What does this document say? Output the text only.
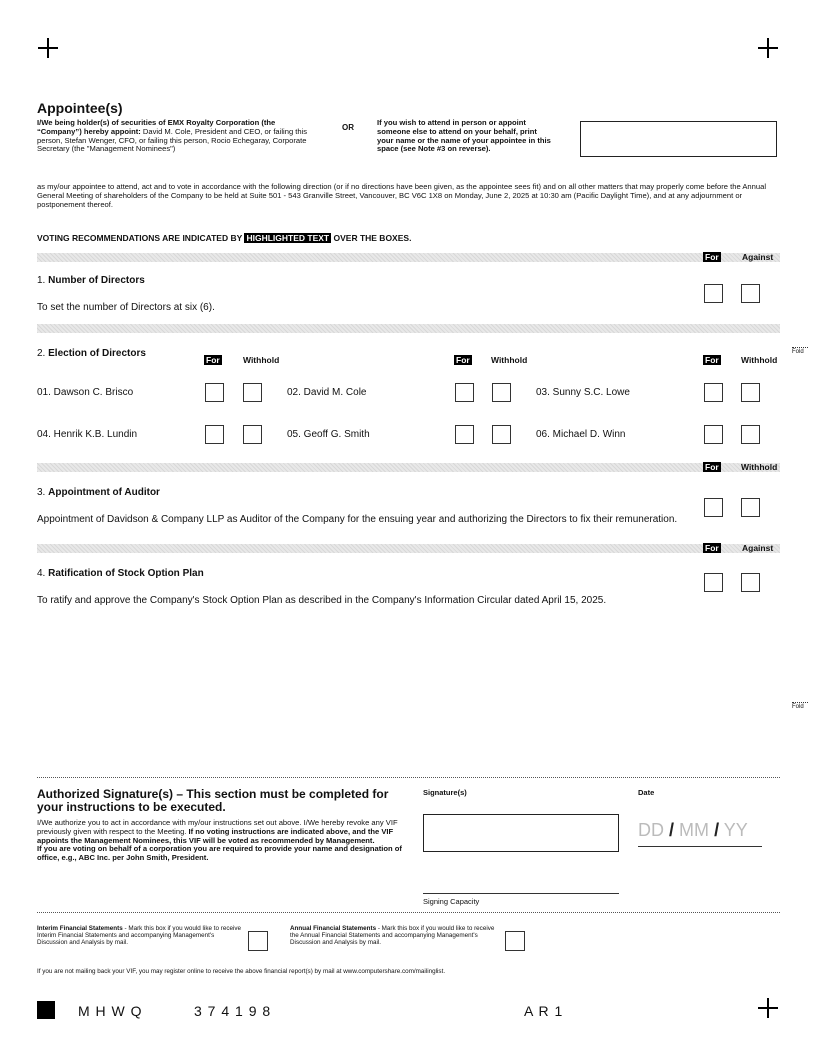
Appointee(s)
I/We being holder(s) of securities of EMX Royalty Corporation (the “Company”) hereby appoint: David M. Cole, President and CEO, or failing this person, Stefan Wenger, CFO, or failing this person, Rocio Echegaray, Corporate Secretary (the "Management Nominees")
OR
If you wish to attend in person or appoint someone else to attend on your behalf, print your name or the name of your appointee in this space (see Note #3 on reverse).
as my/our appointee to attend, act and to vote in accordance with the following direction (or if no directions have been given, as the appointee sees fit) and on all other matters that may properly come before the Annual General Meeting of shareholders of the Company to be held at Suite 501 - 543 Granville Street, Vancouver, BC V6C 1X8 on Monday, June 2, 2025 at 10:30 am (Pacific Daylight Time), and at any adjournment or postponement thereof.
VOTING RECOMMENDATIONS ARE INDICATED BY HIGHLIGHTED TEXT OVER THE BOXES.
For	Against
1. Number of Directors
To set the number of Directors at six (6).
2. Election of Directors
For	Withhold	For	Withhold	For	Withhold
01. Dawson C. Brisco	02. David M. Cole	03. Sunny S.C. Lowe
04. Henrik K.B. Lundin	05. Geoff G. Smith	06. Michael D. Winn
Fold
For	Withhold
3. Appointment of Auditor
Appointment of Davidson & Company LLP as Auditor of the Company for the ensuing year and authorizing the Directors to fix their remuneration.
For	Against
4. Ratification of Stock Option Plan
To ratify and approve the Company's Stock Option Plan as described in the Company's Information Circular dated April 15, 2025.
Fold
Authorized Signature(s) – This section must be completed for your instructions to be executed.
I/We authorize you to act in accordance with my/our instructions set out above. I/We hereby revoke any VIF previously given with respect to the Meeting. If no voting instructions are indicated above, and the VIF appoints the Management Nominees, this VIF will be voted as recommended by Management.
If you are voting on behalf of a corporation you are required to provide your name and designation of office, e.g., ABC Inc. per John Smith, President.
Signature(s)
Signing Capacity
Date
DD / MM / YY
Interim Financial Statements - Mark this box if you would like to receive Interim Financial Statements and accompanying Management's Discussion and Analysis by mail.
Annual Financial Statements - Mark this box if you would like to receive the Annual Financial Statements and accompanying Management's Discussion and Analysis by mail.
If you are not mailing back your VIF, you may register online to receive the above financial report(s) by mail at www.computershare.com/mailinglist.
M H W Q	3 7 4 1 9 8	A R 1
